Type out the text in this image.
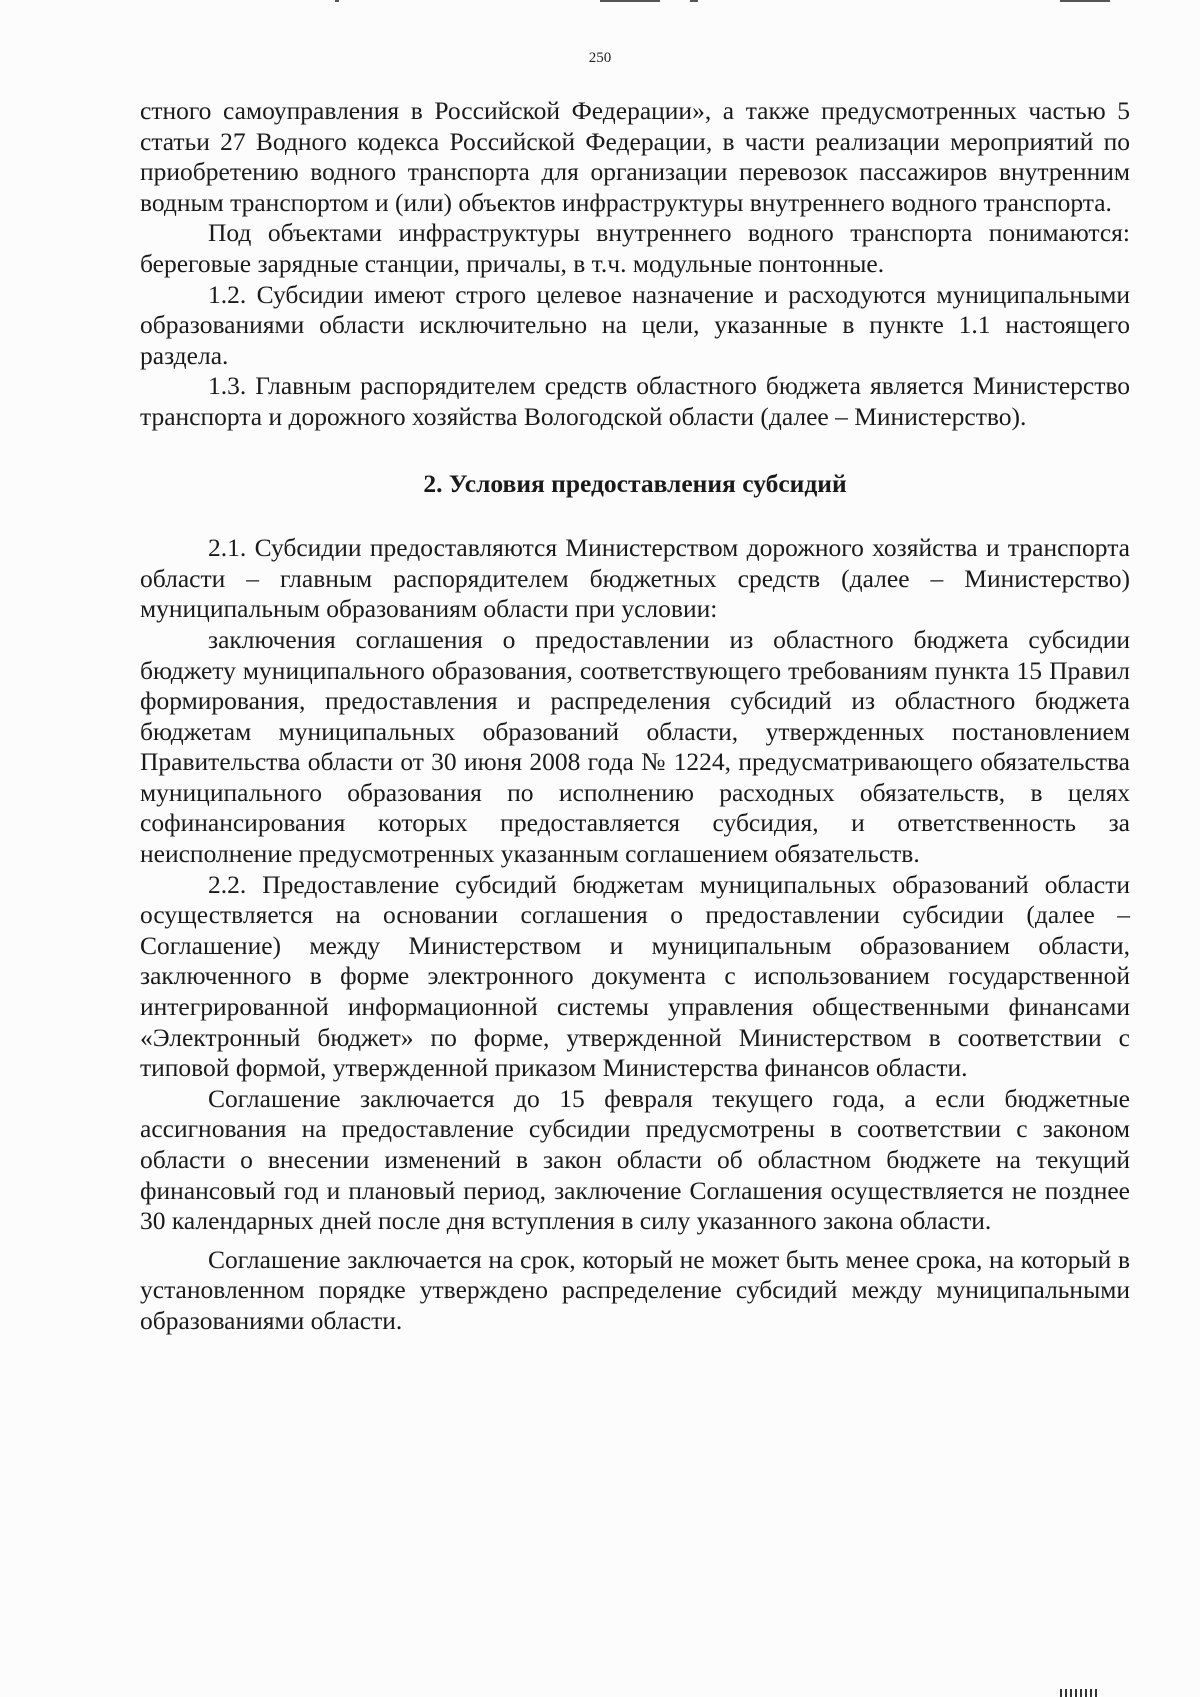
250

стного самоуправления в Российской Федерации», а также предусмотренных частью 5 статьи 27 Водного кодекса Российской Федерации, в части реализации мероприятий по приобретению водного транспорта для организации перевозок пассажиров внутренним водным транспортом и (или) объектов инфраструктуры внутреннего водного транспорта.

Под объектами инфраструктуры внутреннего водного транспорта понимаются: береговые зарядные станции, причалы, в т.ч. модульные понтонные.

1.2. Субсидии имеют строго целевое назначение и расходуются муниципальными образованиями области исключительно на цели, указанные в пункте 1.1 настоящего раздела.

1.3. Главным распорядителем средств областного бюджета является Министерство транспорта и дорожного хозяйства Вологодской области (далее – Министерство).

2. Условия предоставления субсидий

2.1. Субсидии предоставляются Министерством дорожного хозяйства и транспорта области – главным распорядителем бюджетных средств (далее – Министерство) муниципальным образованиям области при условии:

заключения соглашения о предоставлении из областного бюджета субсидии бюджету муниципального образования, соответствующего требованиям пункта 15 Правил формирования, предоставления и распределения субсидий из областного бюджета бюджетам муниципальных образований области, утвержденных постановлением Правительства области от 30 июня 2008 года № 1224, предусматривающего обязательства муниципального образования по исполнению расходных обязательств, в целях софинансирования которых предоставляется субсидия, и ответственность за неисполнение предусмотренных указанным соглашением обязательств.

2.2. Предоставление субсидий бюджетам муниципальных образований области осуществляется на основании соглашения о предоставлении субсидии (далее – Соглашение) между Министерством и муниципальным образованием области, заключенного в форме электронного документа с использованием государственной интегрированной информационной системы управления общественными финансами «Электронный бюджет» по форме, утвержденной Министерством в соответствии с типовой формой, утвержденной приказом Министерства финансов области.

Соглашение заключается до 15 февраля текущего года, а если бюджетные ассигнования на предоставление субсидии предусмотрены в соответствии с законом области о внесении изменений в закон области об областном бюджете на текущий финансовый год и плановый период, заключение Соглашения осуществляется не позднее 30 календарных дней после дня вступления в силу указанного закона области.

Соглашение заключается на срок, который не может быть менее срока, на который в установленном порядке утверждено распределение субсидий между муниципальными образованиями области.
